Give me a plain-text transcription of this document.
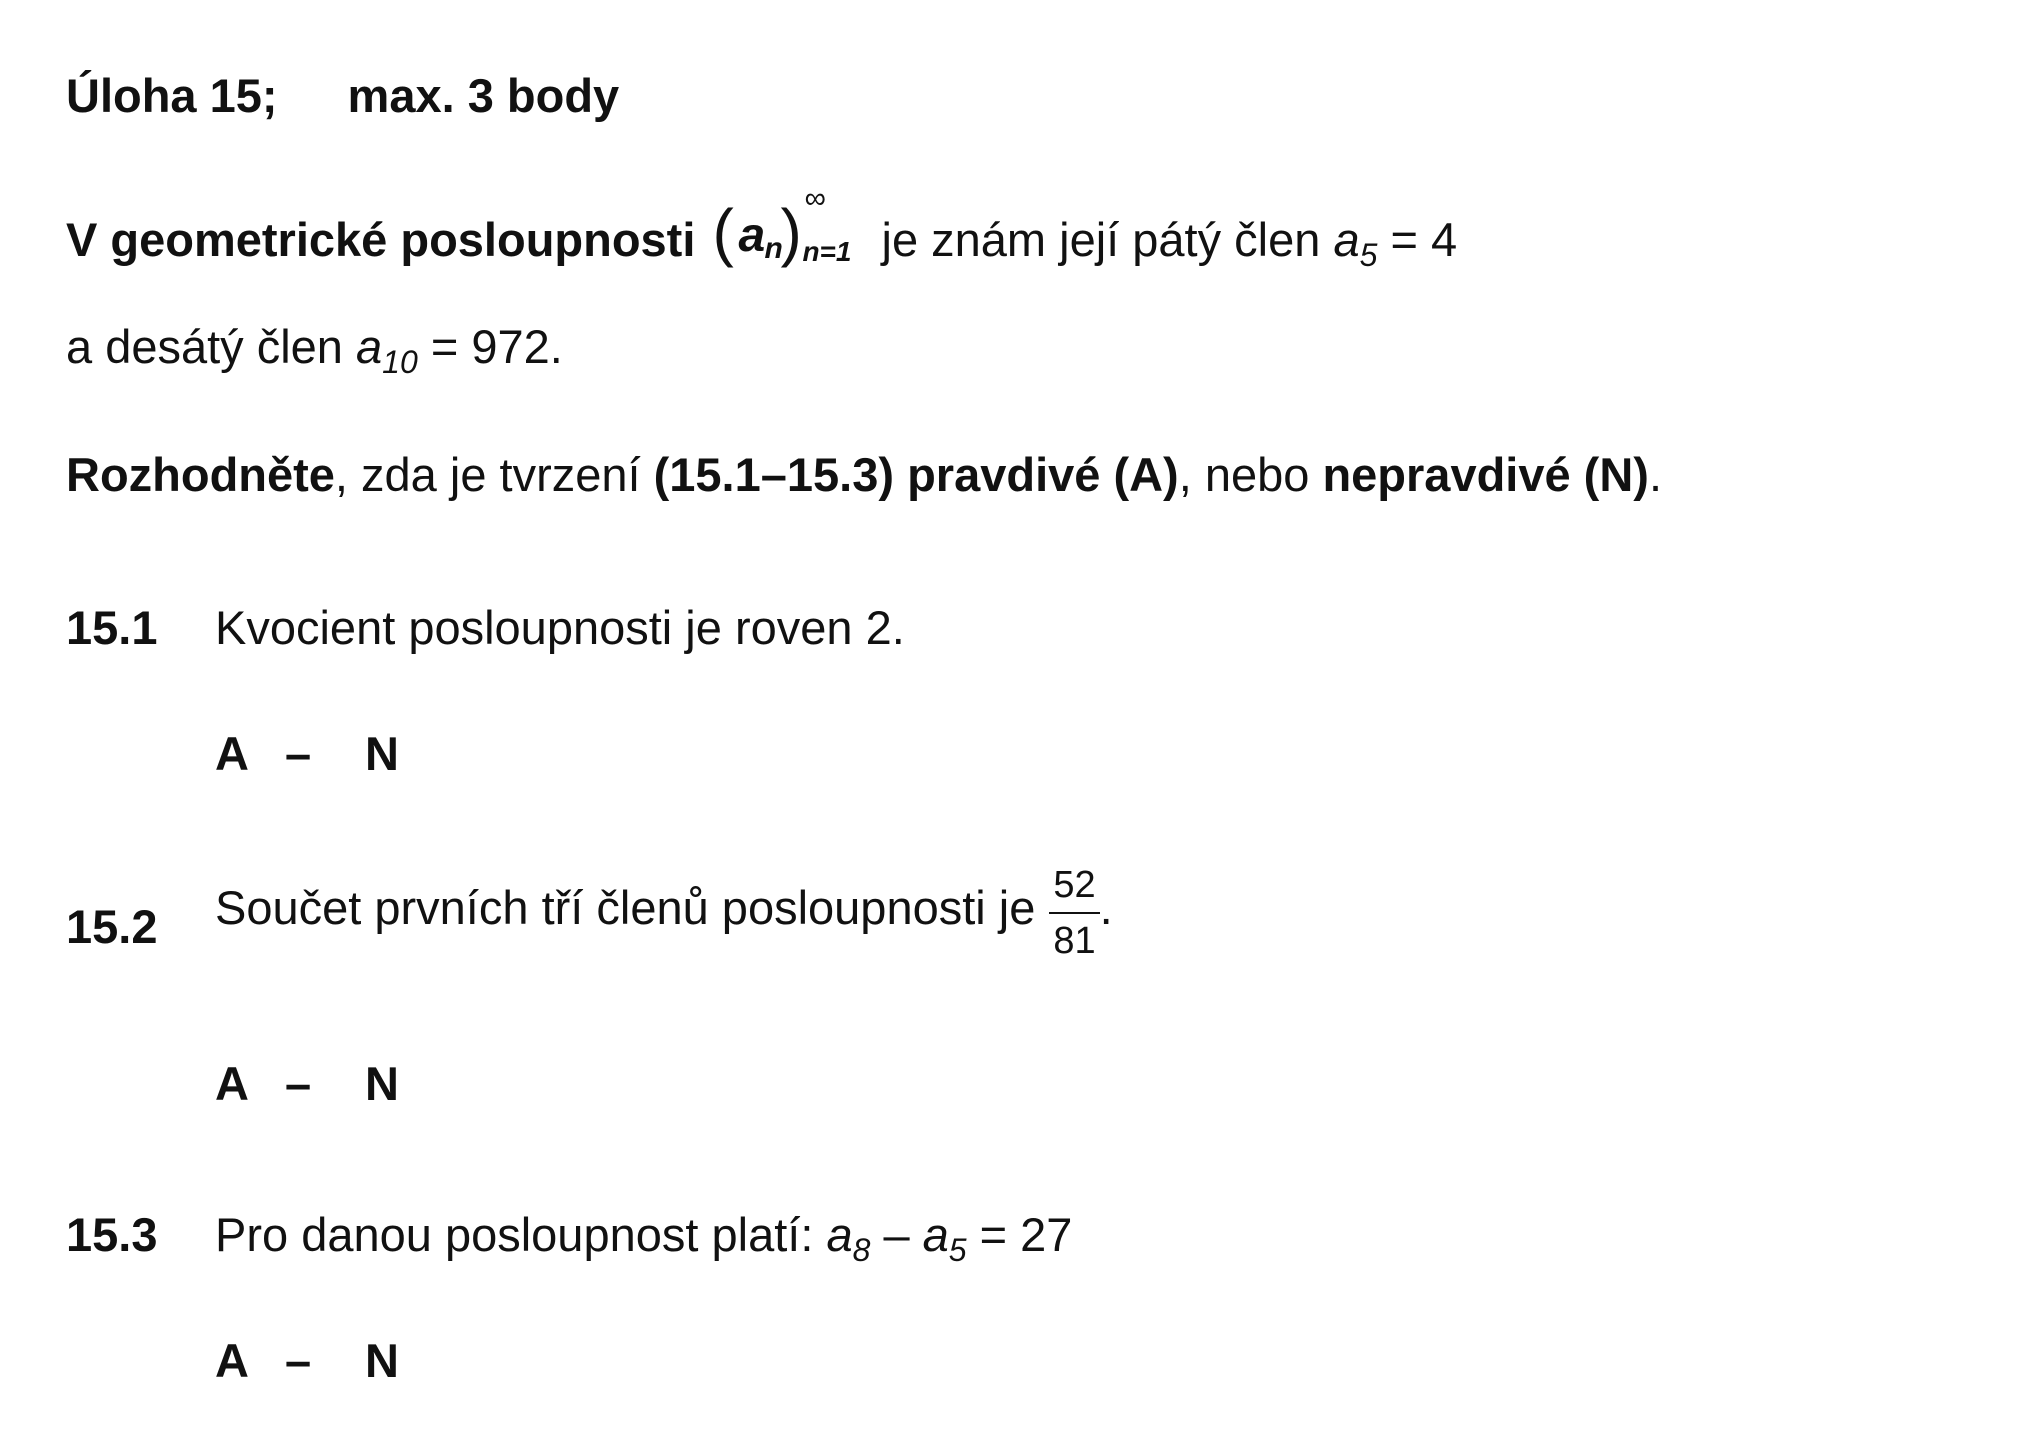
Úloha 15; max. 3 body
V geometrické posloupnosti ( a n
) ∞
n=1 je znám její pátý člen $a_5 = 4$
a desátý člen $a_{10} = 972$.
Rozhodněte, zda je tvrzení (15.1–15.3) pravdivé (A), nebo nepravdivé (N).
15.1 Kvocient posloupnosti je roven 2.
A –	N
15.2 Součet prvních tří členů posloupnosti je $\frac{52}{81}$ .
A –	N
15.3 Pro danou posloupnost platí: $a_8 - a_5 = 27$
A –	N
